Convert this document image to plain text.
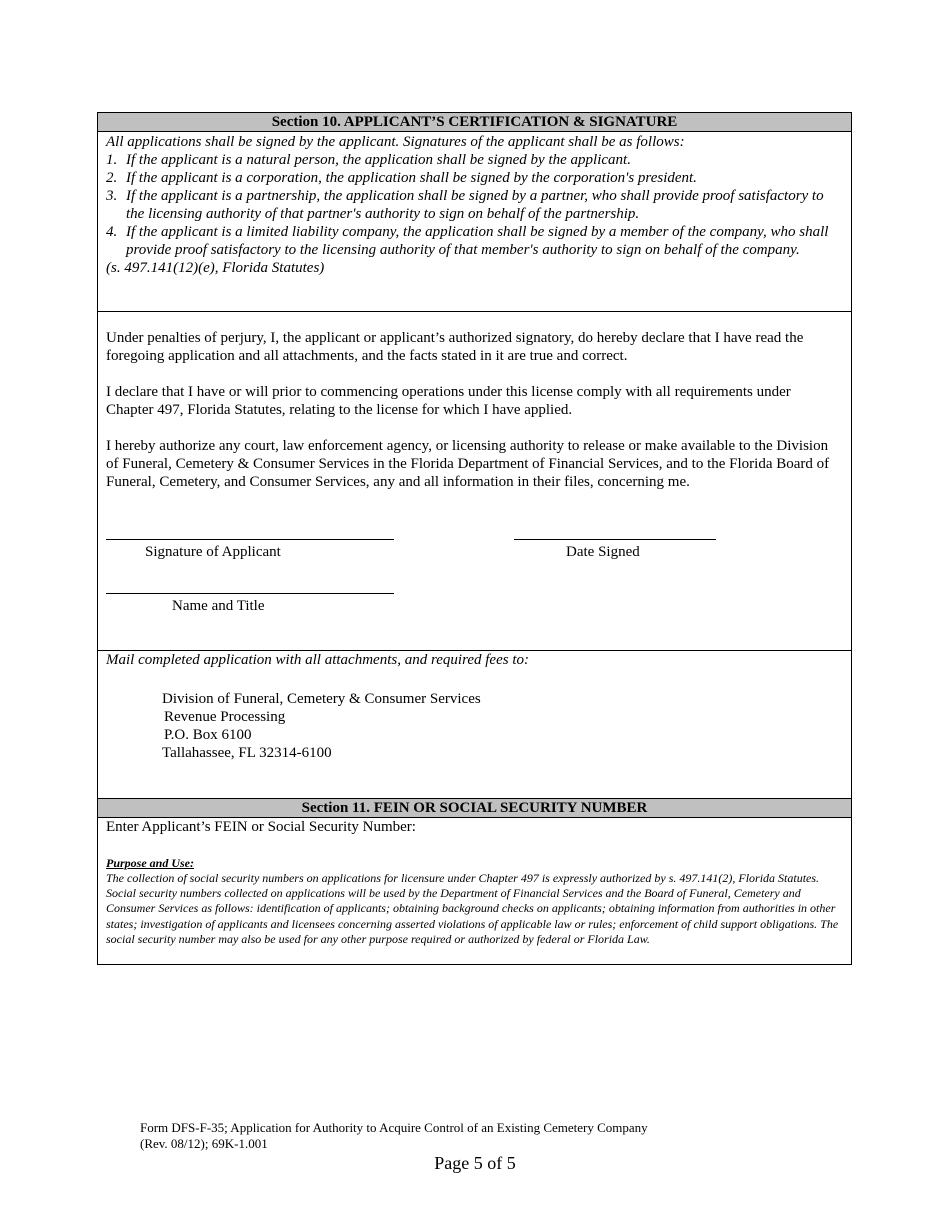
Section 10. APPLICANT’S CERTIFICATION & SIGNATURE
All applications shall be signed by the applicant. Signatures of the applicant shall be as follows:
1. If the applicant is a natural person, the application shall be signed by the applicant.
2. If the applicant is a corporation, the application shall be signed by the corporation's president.
3. If the applicant is a partnership, the application shall be signed by a partner, who shall provide proof satisfactory to the licensing authority of that partner's authority to sign on behalf of the partnership.
4. If the applicant is a limited liability company, the application shall be signed by a member of the company, who shall provide proof satisfactory to the licensing authority of that member's authority to sign on behalf of the company.
(s. 497.141(12)(e), Florida Statutes)

Under penalties of perjury, I, the applicant or applicant’s authorized signatory, do hereby declare that I have read the foregoing application and all attachments, and the facts stated in it are true and correct.

I declare that I have or will prior to commencing operations under this license comply with all requirements under Chapter 497, Florida Statutes, relating to the license for which I have applied.

I hereby authorize any court, law enforcement agency, or licensing authority to release or make available to the Division of Funeral, Cemetery & Consumer Services in the Florida Department of Financial Services, and to the Florida Board of Funeral, Cemetery, and Consumer Services, any and all information in their files, concerning me.

Signature of Applicant	Date Signed
Name and Title
Mail completed application with all attachments, and required fees to:
Division of Funeral, Cemetery & Consumer Services
Revenue Processing
P.O. Box 6100
Tallahassee, FL 32314-6100
Section 11. FEIN OR SOCIAL SECURITY NUMBER
Enter Applicant’s FEIN or Social Security Number:
Purpose and Use:

The collection of social security numbers on applications for licensure under Chapter 497 is expressly authorized by s. 497.141(2), Florida Statutes. Social security numbers collected on applications will be used by the Department of Financial Services and the Board of Funeral, Cemetery and Consumer Services as follows: identification of applicants; obtaining background checks on applicants; obtaining information from authorities in other states; investigation of applicants and licensees concerning asserted violations of applicable law or rules; enforcement of child support obligations. The social security number may also be used for any other purpose required or authorized by federal or Florida Law.

Form DFS-F-35; Application for Authority to Acquire Control of an Existing Cemetery Company
(Rev. 08/12); 69K-1.001
Page 5 of 5
